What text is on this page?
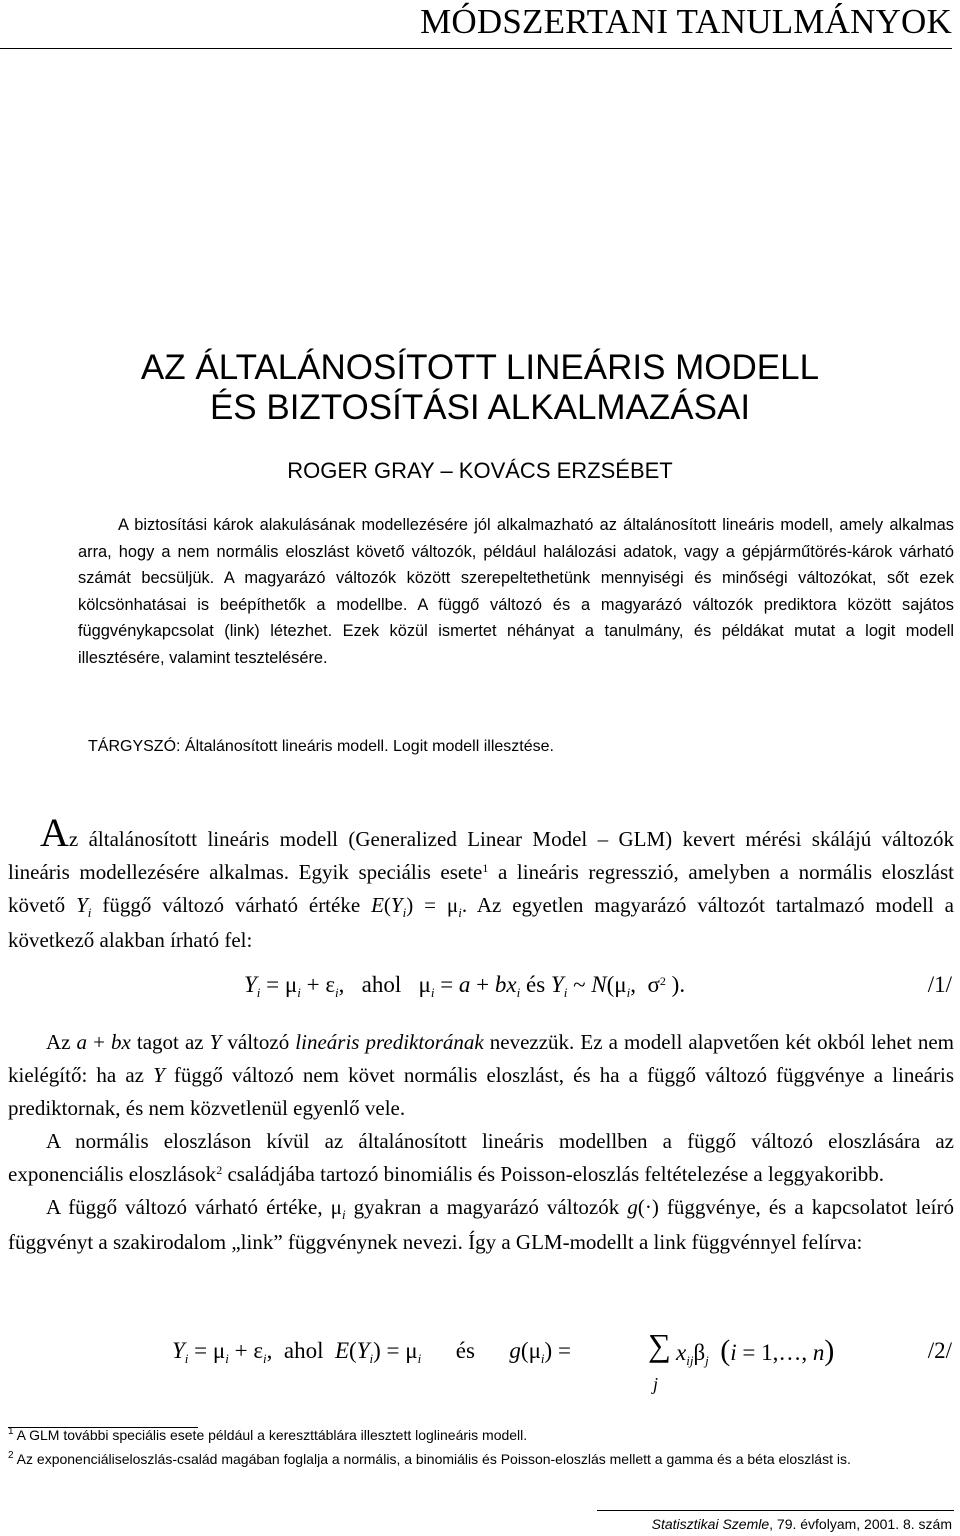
MÓDSZERTANI TANULMÁNYOK
AZ ÁLTALÁNOSÍTOTT LINEÁRIS MODELL
ÉS BIZTOSÍTÁSI ALKALMAZÁSAI
ROGER GRAY – KOVÁCS ERZSÉBET

A biztosítási károk alakulásának modellezésére jól alkalmazható az általánosított lineáris modell, amely alkalmas arra, hogy a nem normális eloszlást követő változók, például halálozási adatok, vagy a gépjárműtörés-károk várható számát becsüljük. A magyarázó változók között szerepeltethetünk mennyiségi és minőségi változókat, sőt ezek kölcsönhatásai is beépíthetők a modellbe. A függő változó és a magyarázó változók prediktora között sajátos függvénykapcsolat (link) létezhet. Ezek közül ismertet néhányat a tanulmány, és példákat mutat a logit modell illesztésére, valamint tesztelésére.

TÁRGYSZÓ: Általánosított lineáris modell. Logit modell illesztése.

Az általánosított lineáris modell (Generalized Linear Model – GLM) kevert mérési skálájú változók lineáris modellezésére alkalmas. Egyik speciális esete$^1$ a lineáris regresszió, amelyben a normális eloszlást követő $Y_i$ függő változó várható értéke $E(Y_i) = \mu_i$. Az egyetlen magyarázó változót tartalmazó modell a következő alakban írható fel:

$Y_i = \mu_i + \varepsilon_i$,   ahol   $\mu_i = a + bx_i$ és $Y_i$ ~ $N(\mu_i$,  $\sigma^2$ ).	/1/

Az a + bx tagot az Y változó lineáris prediktorának nevezzük. Ez a modell alapvetően két okból lehet nem kielégítő: ha az Y függő változó nem követ normális eloszlást, és ha a függő változó függvénye a lineáris prediktornak, és nem közvetlenül egyenlő vele.

A normális eloszláson kívül az általánosított lineáris modellben a függő változó eloszlására az exponenciális eloszlások$^2$ családjába tartozó binomiális és Poisson-eloszlás feltételezése a leggyakoribb.

A függő változó várható értéke, $\mu_i$ gyakran a magyarázó változók g(·) függvénye, és a kapcsolatot leíró függvényt a szakirodalom „link” függvénynek nevezi. Így a GLM-modellt a link függvénnyel felírva:

$Y_i = \mu_i + \varepsilon_i$,  ahol  $E(Y_i) = \mu_i$      és      $g(\mu_i)$ = ∑
j
$x_{ij}\beta_j$ (i = 1,…, n)	/2/
$^1$ A GLM további speciális esete például a kereszttáblára illesztett loglineáris modell.
$^2$ Az exponenciáliseloszlás-család magában foglalja a normális, a binomiális és Poisson-eloszlás mellett a gamma és a béta eloszlást is.
Statisztikai Szemle, 79. évfolyam, 2001. 8. szám
